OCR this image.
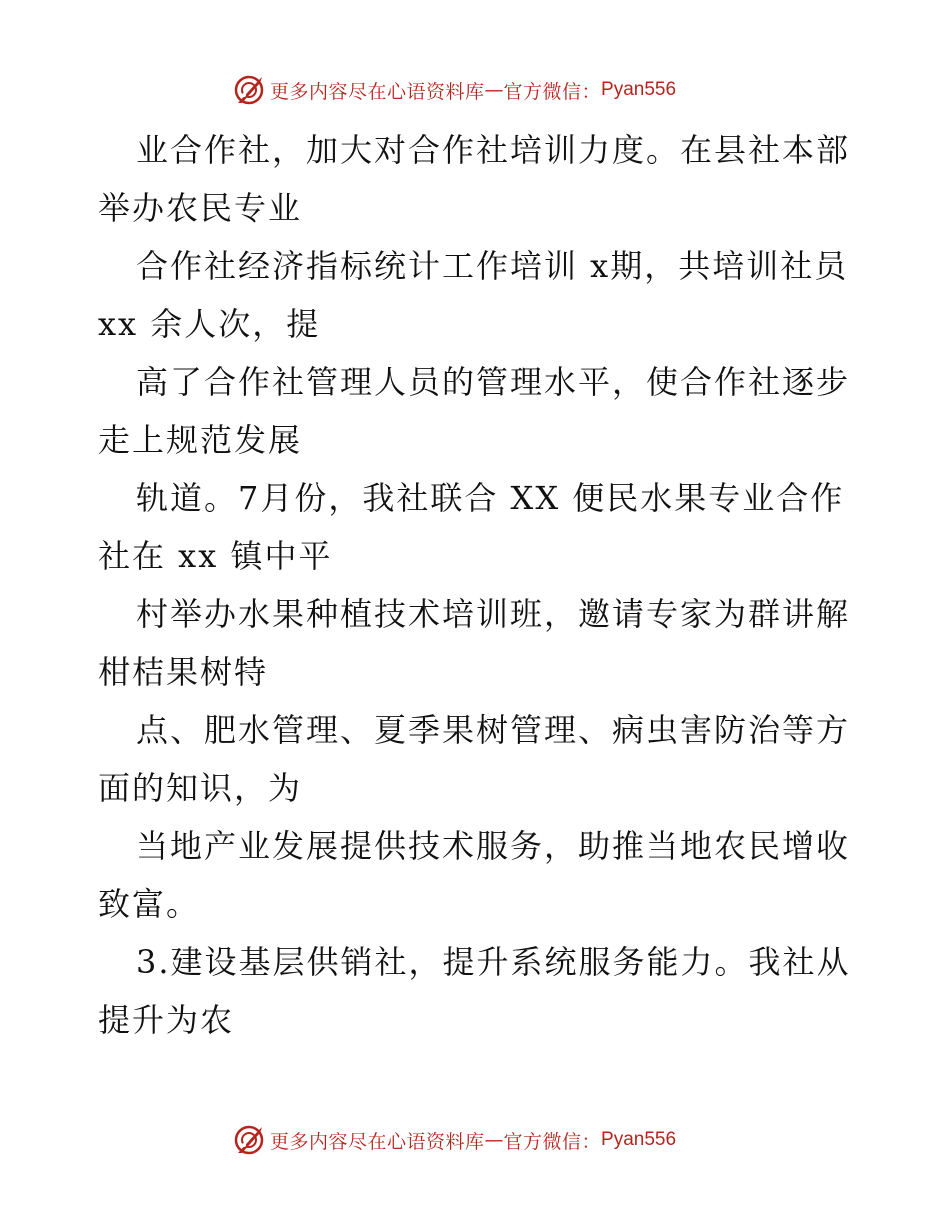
更多内容尽在心语资料库 — 官方微信： Pyan556

业合作社，加大对合作社培训力度。在县社本部举办农民专业

合作社经济指标统计工作培训 x期，共培训社员 xx 余人次，提

高了合作社管理人员的管理水平，使合作社逐步走上规范发展

轨道。7月份，我社联合 XX 便民水果专业合作社在 xx 镇中平

村举办水果种植技术培训班，邀请专家为群讲解柑桔果树特

点、肥水管理、夏季果树管理、病虫害防治等方面的知识，为

当地产业发展提供技术服务，助推当地农民增收致富。

3.建设基层供销社，提升系统服务能力。我社从提升为农

更多内容尽在心语资料库 — 官方微信： Pyan556
